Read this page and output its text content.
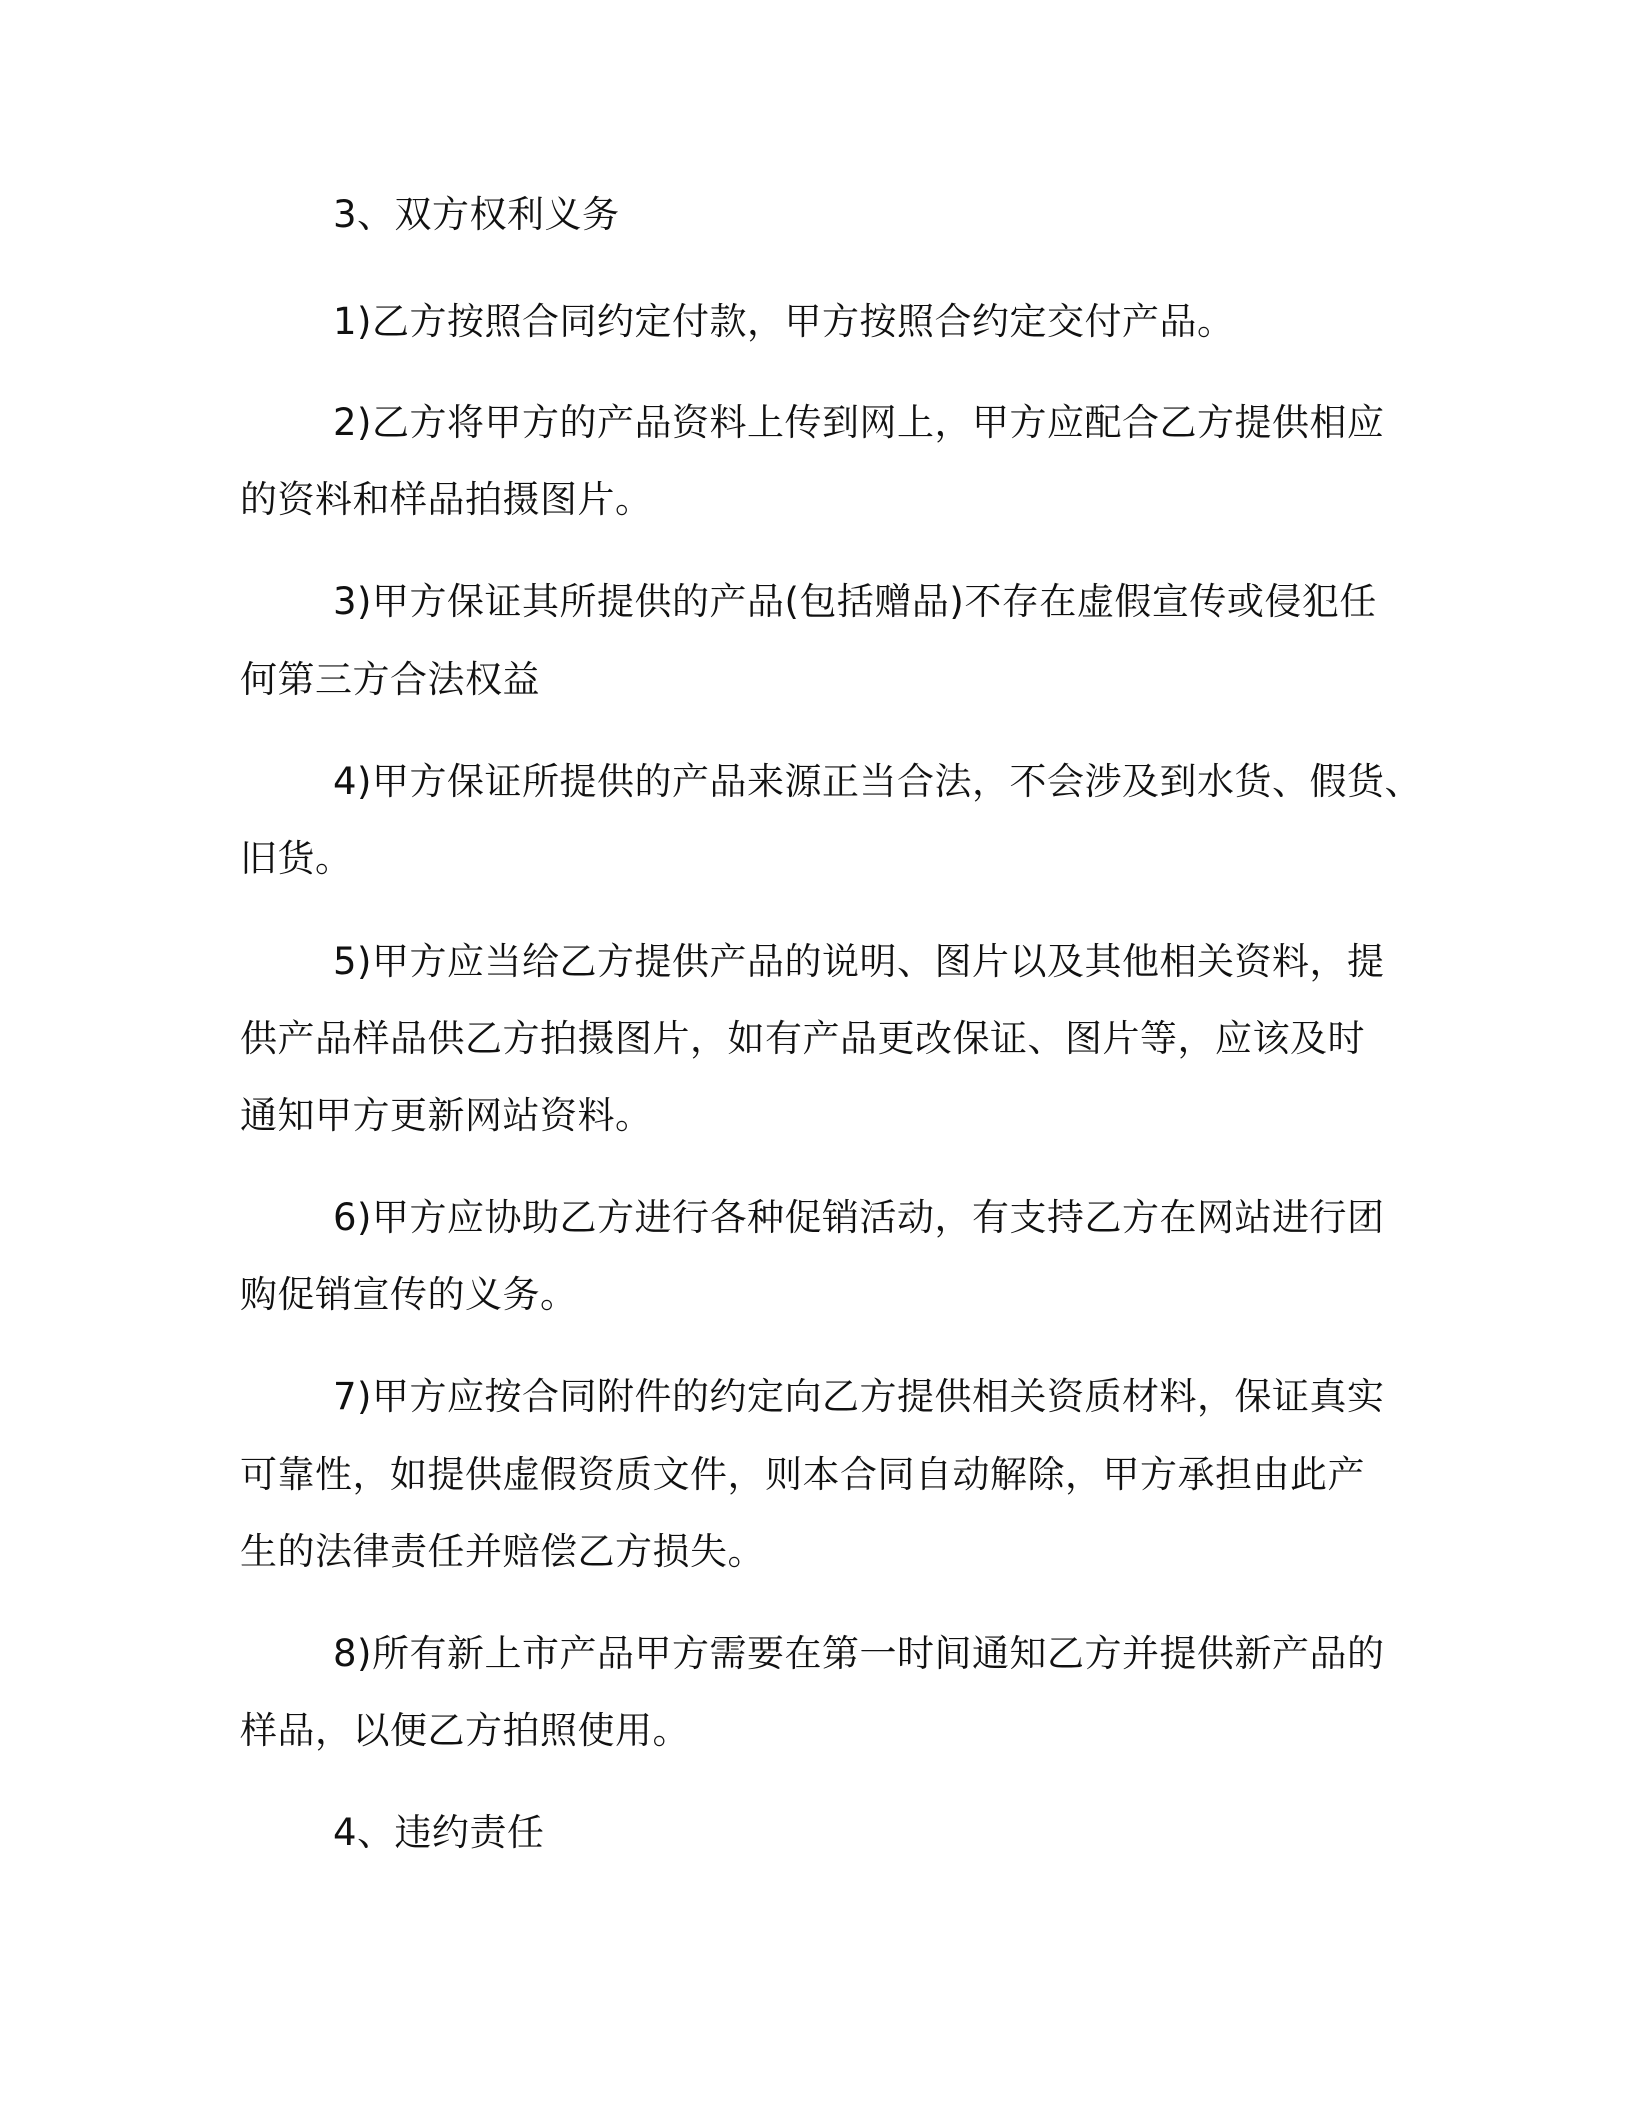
3、双方权利义务
1)乙方按照合同约定付款，甲方按照合约定交付产品。
2)乙方将甲方的产品资料上传到网上，甲方应配合乙方提供相应
的资料和样品拍摄图片。
3)甲方保证其所提供的产品(包括赠品)不存在虚假宣传或侵犯任
何第三方合法权益
4)甲方保证所提供的产品来源正当合法，不会涉及到水货、假货、
旧货。
5)甲方应当给乙方提供产品的说明、图片以及其他相关资料，提
供产品样品供乙方拍摄图片，如有产品更改保证、图片等，应该及时
通知甲方更新网站资料。
6)甲方应协助乙方进行各种促销活动，有支持乙方在网站进行团
购促销宣传的义务。
7)甲方应按合同附件的约定向乙方提供相关资质材料，保证真实
可靠性，如提供虚假资质文件，则本合同自动解除，甲方承担由此产
生的法律责任并赔偿乙方损失。
8)所有新上市产品甲方需要在第一时间通知乙方并提供新产品的
样品，以便乙方拍照使用。
4、违约责任
